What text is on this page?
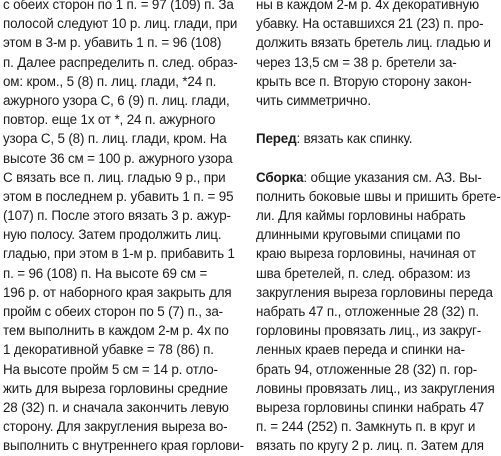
с обеих сторон по 1 п. = 97 (109) п. За
полосой следуют 10 р. лиц. глади, при
этом в 3-м р. убавить 1 п. = 96 (108)
п. Далее распределить п. след. образ-
ом: кром., 5 (8) п. лиц. глади, *24 п.
ажурного узора С, 6 (9) п. лиц. глади,
повтор. еще 1х от *, 24 п. ажурного
узора С, 5 (8) п. лиц. глади, кром. На
высоте 36 см = 100 р. ажурного узора
С вязать все п. лиц. гладью 9 р., при
этом в последнем р. убавить 1 п. = 95
(107) п. После этого вязать 3 р. ажур-
ную полосу. Затем продолжить лиц.
гладью, при этом в 1-м р. прибавить 1
п. = 96 (108) п. На высоте 69 см =
196 р. от наборного края закрыть для
пройм с обеих сторон по 5 (7) п., за-
тем выполнить в каждом 2-м р. 4х по
1 декоративной убавке = 78 (86) п.
На высоте пройм 5 см = 14 р. отло-
жить для выреза горловины средние
28 (32) п. и сначала закончить левую
сторону. Для закругления выреза во-
выполнить с внутреннего края горлови-
ны в каждом 2-м р. 4х декоративную
убавку. На оставшихся 21 (23) п. про-
должить вязать бретель лиц. гладью и
через 13,5 см = 38 р. бретели за-
крыть все п. Вторую сторону закон-
чить симметрично.
Перед: вязать как спинку.
Сборка: общие указания см. АЗ. Вы-
полнить боковые швы и пришить брете-
ли. Для каймы горловины набрать
длинными круговыми спицами по
краю выреза горловины, начиная от
шва бретелей, п. след. образом: из
закругления выреза горловины переда
набрать 47 п., отложенные 28 (32) п.
горловины провязать лиц., из закруг-
ленных краев переда и спинки на-
брать 94, отложенные 28 (32) п. гор-
ловины провязать лиц., из закругления
выреза горловины спинки набрать 47
п. = 244 (252) п. Замкнуть п. в круг и
вязать по кругу 2 р. лиц. п. Затем для
